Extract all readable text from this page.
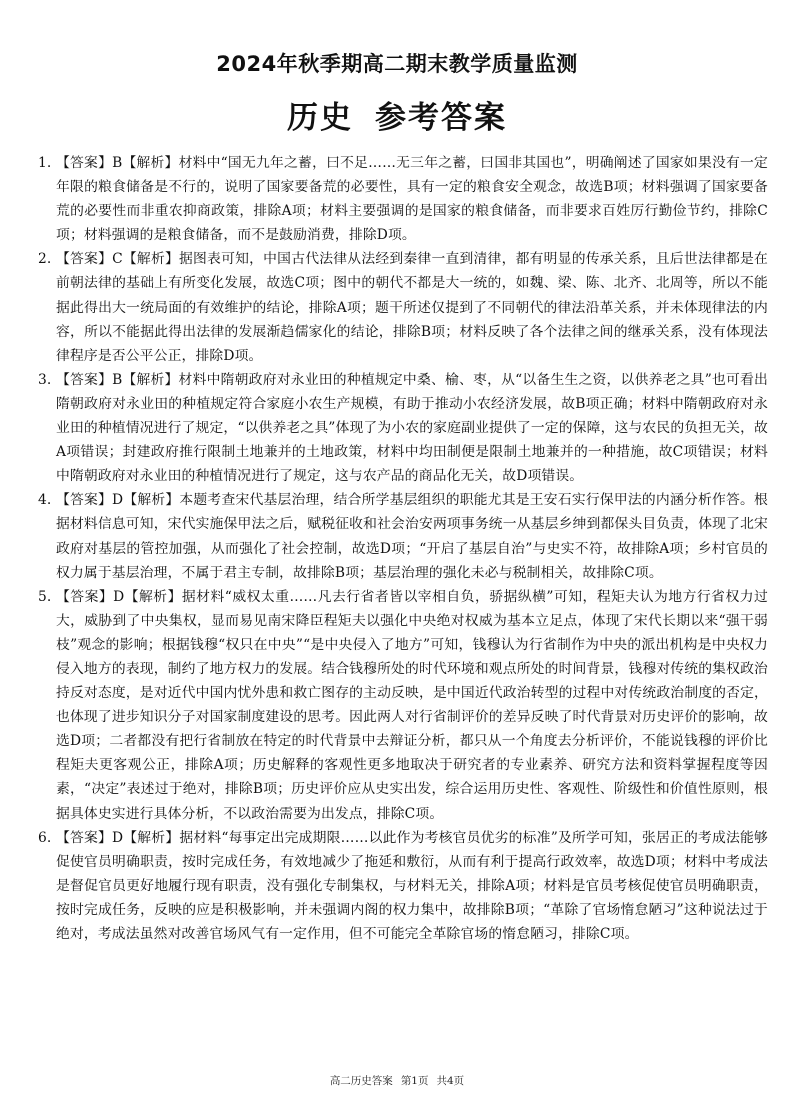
2024年秋季期高二期末教学质量监测
历史 参考答案
1. 【答案】B【解析】材料中“国无九年之蓄，曰不足……无三年之蓄，曰国非其国也”，明确阐述了国家如果没有一定年限的粮食储备是不行的，说明了国家要备荒的必要性，具有一定的粮食安全观念，故选B项；材料强调了国家要备荒的必要性而非重农抑商政策，排除A项；材料主要强调的是国家的粮食储备，而非要求百姓厉行勤俭节约，排除C项；材料强调的是粮食储备，而不是鼓励消费，排除D项。
2. 【答案】C【解析】据图表可知，中国古代法律从法经到秦律一直到清律，都有明显的传承关系，且后世法律都是在前朝法律的基础上有所变化发展，故选C项；图中的朝代不都是大一统的，如魏、梁、陈、北齐、北周等，所以不能据此得出大一统局面的有效维护的结论，排除A项；题干所述仅提到了不同朝代的律法沿革关系，并未体现律法的内容，所以不能据此得出法律的发展渐趋儒家化的结论，排除B项；材料反映了各个法律之间的继承关系，没有体现法律程序是否公平公正，排除D项。
3. 【答案】B【解析】材料中隋朝政府对永业田的种植规定中桑、榆、枣，从“以备生生之资，以供养老之具”也可看出隋朝政府对永业田的种植规定符合家庭小农生产规模，有助于推动小农经济发展，故B项正确；材料中隋朝政府对永业田的种植情况进行了规定，“以供养老之具”体现了为小农的家庭副业提供了一定的保障，这与农民的负担无关，故A项错误；封建政府推行限制土地兼并的土地政策，材料中均田制便是限制土地兼并的一种措施，故C项错误；材料中隋朝政府对永业田的种植情况进行了规定，这与农产品的商品化无关，故D项错误。
4. 【答案】D【解析】本题考查宋代基层治理，结合所学基层组织的职能尤其是王安石实行保甲法的内涵分析作答。根据材料信息可知，宋代实施保甲法之后，赋税征收和社会治安两项事务统一从基层乡绅到都保头目负责，体现了北宋政府对基层的管控加强，从而强化了社会控制，故选D项；“开启了基层自治”与史实不符，故排除A项；乡村官员的权力属于基层治理，不属于君主专制，故排除B项；基层治理的强化未必与税制相关，故排除C项。
5. 【答案】D【解析】据材料“威权太重……凡去行省者皆以宰相自负，骄据纵横”可知，程矩夫认为地方行省权力过大，威胁到了中央集权，显而易见南宋降臣程矩夫以强化中央绝对权威为基本立足点，体现了宋代长期以来“强干弱枝”观念的影响；根据钱穆“权只在中央”“是中央侵入了地方”可知，钱穆认为行省制作为中央的派出机构是中央权力侵入地方的表现，制约了地方权力的发展。结合钱穆所处的时代环境和观点所处的时间背景，钱穆对传统的集权政治持反对态度，是对近代中国内忧外患和救亡图存的主动反映，是中国近代政治转型的过程中对传统政治制度的否定，也体现了进步知识分子对国家制度建设的思考。因此两人对行省制评价的差异反映了时代背景对历史评价的影响，故选D项；二者都没有把行省制放在特定的时代背景中去辩证分析，都只从一个角度去分析评价，不能说钱穆的评价比程矩夫更客观公正，排除A项；历史解释的客观性更多地取决于研究者的专业素养、研究方法和资料掌握程度等因素，“决定”表述过于绝对，排除B项；历史评价应从史实出发，综合运用历史性、客观性、阶级性和价值性原则，根据具体史实进行具体分析，不以政治需要为出发点，排除C项。
6. 【答案】D【解析】据材料“每事定出完成期限……以此作为考核官员优劣的标准”及所学可知，张居正的考成法能够促使官员明确职责，按时完成任务，有效地减少了拖延和敷衍，从而有利于提高行政效率，故选D项；材料中考成法是督促官员更好地履行现有职责，没有强化专制集权，与材料无关，排除A项；材料是官员考核促使官员明确职责，按时完成任务，反映的应是积极影响，并未强调内阁的权力集中，故排除B项；“革除了官场惰怠陋习”这种说法过于绝对，考成法虽然对改善官场风气有一定作用，但不可能完全革除官场的惰怠陋习，排除C项。
高二历史答案 第1页 共4页
